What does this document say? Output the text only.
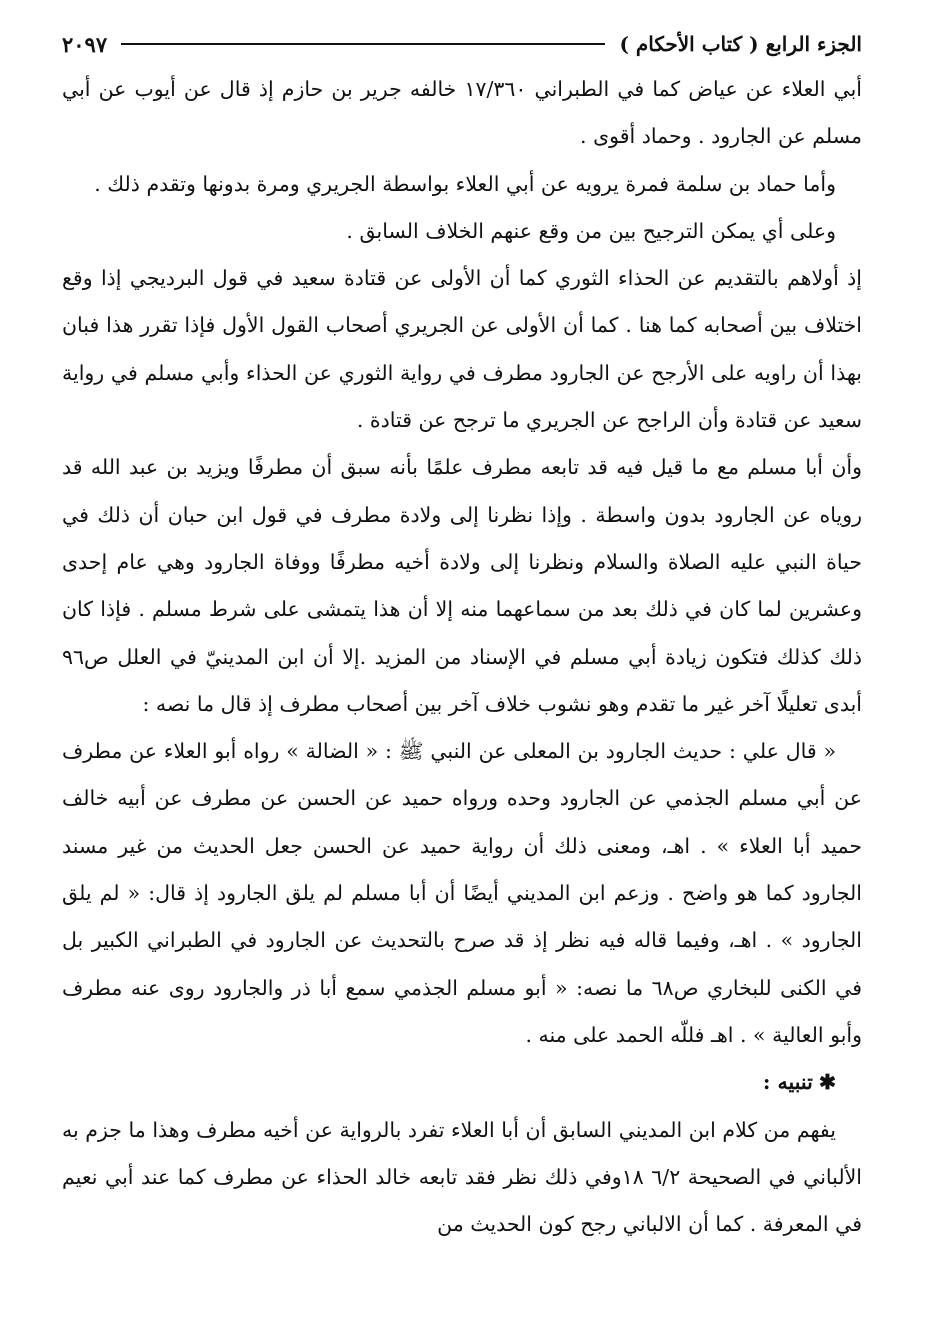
الجزء الرابع ( كتاب الأحكام )
٢٠٩٧

أبي العلاء عن عياض كما في الطبراني ١٧/٣٦٠ خالفه جرير بن حازم إذ قال عن أيوب عن أبي مسلم عن الجارود . وحماد أقوى .

وأما حماد بن سلمة فمرة يرويه عن أبي العلاء بواسطة الجريري ومرة بدونها وتقدم ذلك .

وعلى أي يمكن الترجيح بين من وقع عنهم الخلاف السابق .

إذ أولاهم بالتقديم عن الحذاء الثوري كما أن الأولى عن قتادة سعيد في قول البرديجي إذا وقع اختلاف بين أصحابه كما هنا . كما أن الأولى عن الجريري أصحاب القول الأول فإذا تقرر هذا فبان بهذا أن راويه على الأرجح عن الجارود مطرف في رواية الثوري عن الحذاء وأبي مسلم في رواية سعيد عن قتادة وأن الراجح عن الجريري ما ترجح عن قتادة .

وأن أبا مسلم مع ما قيل فيه قد تابعه مطرف علمًا بأنه سبق أن مطرفًا ويزيد بن عبد الله قد روياه عن الجارود بدون واسطة . وإذا نظرنا إلى ولادة مطرف في قول ابن حبان أن ذلك في حياة النبي عليه الصلاة والسلام ونظرنا إلى ولادة أخيه مطرفًا ووفاة الجارود وهي عام إحدى وعشرين لما كان في ذلك بعد من سماعهما منه إلا أن هذا يتمشى على شرط مسلم . فإذا كان ذلك كذلك فتكون زيادة أبي مسلم في الإسناد من المزيد .إلا أن ابن المدينيّ في العلل ص٩٦ أبدى تعليلًا آخر غير ما تقدم وهو نشوب خلاف آخر بين أصحاب مطرف إذ قال ما نصه :

« قال علي : حديث الجارود بن المعلى عن النبي ﷺ : « الضالة » رواه أبو العلاء عن مطرف عن أبي مسلم الجذمي عن الجارود وحده ورواه حميد عن الحسن عن مطرف عن أبيه خالف حميد أبا العلاء » . اهـ، ومعنى ذلك أن رواية حميد عن الحسن جعل الحديث من غير مسند الجارود كما هو واضح . وزعم ابن المديني أيضًا أن أبا مسلم لم يلق الجارود إذ قال: « لم يلق الجارود » . اهـ، وفيما قاله فيه نظر إذ قد صرح بالتحديث عن الجارود في الطبراني الكبير بل في الكنى للبخاري ص٦٨ ما نصه: « أبو مسلم الجذمي سمع أبا ذر والجارود روى عنه مطرف وأبو العالية » . اهـ فللّه الحمد على منه .

✱تنبيه :

يفهم من كلام ابن المديني السابق أن أبا العلاء تفرد بالرواية عن أخيه مطرف وهذا ما جزم به الألباني في الصحيحة ٦/٢ ١٨وفي ذلك نظر فقد تابعه خالد الحذاء عن مطرف كما عند أبي نعيم في المعرفة . كما أن الالباني رجح كون الحديث من
